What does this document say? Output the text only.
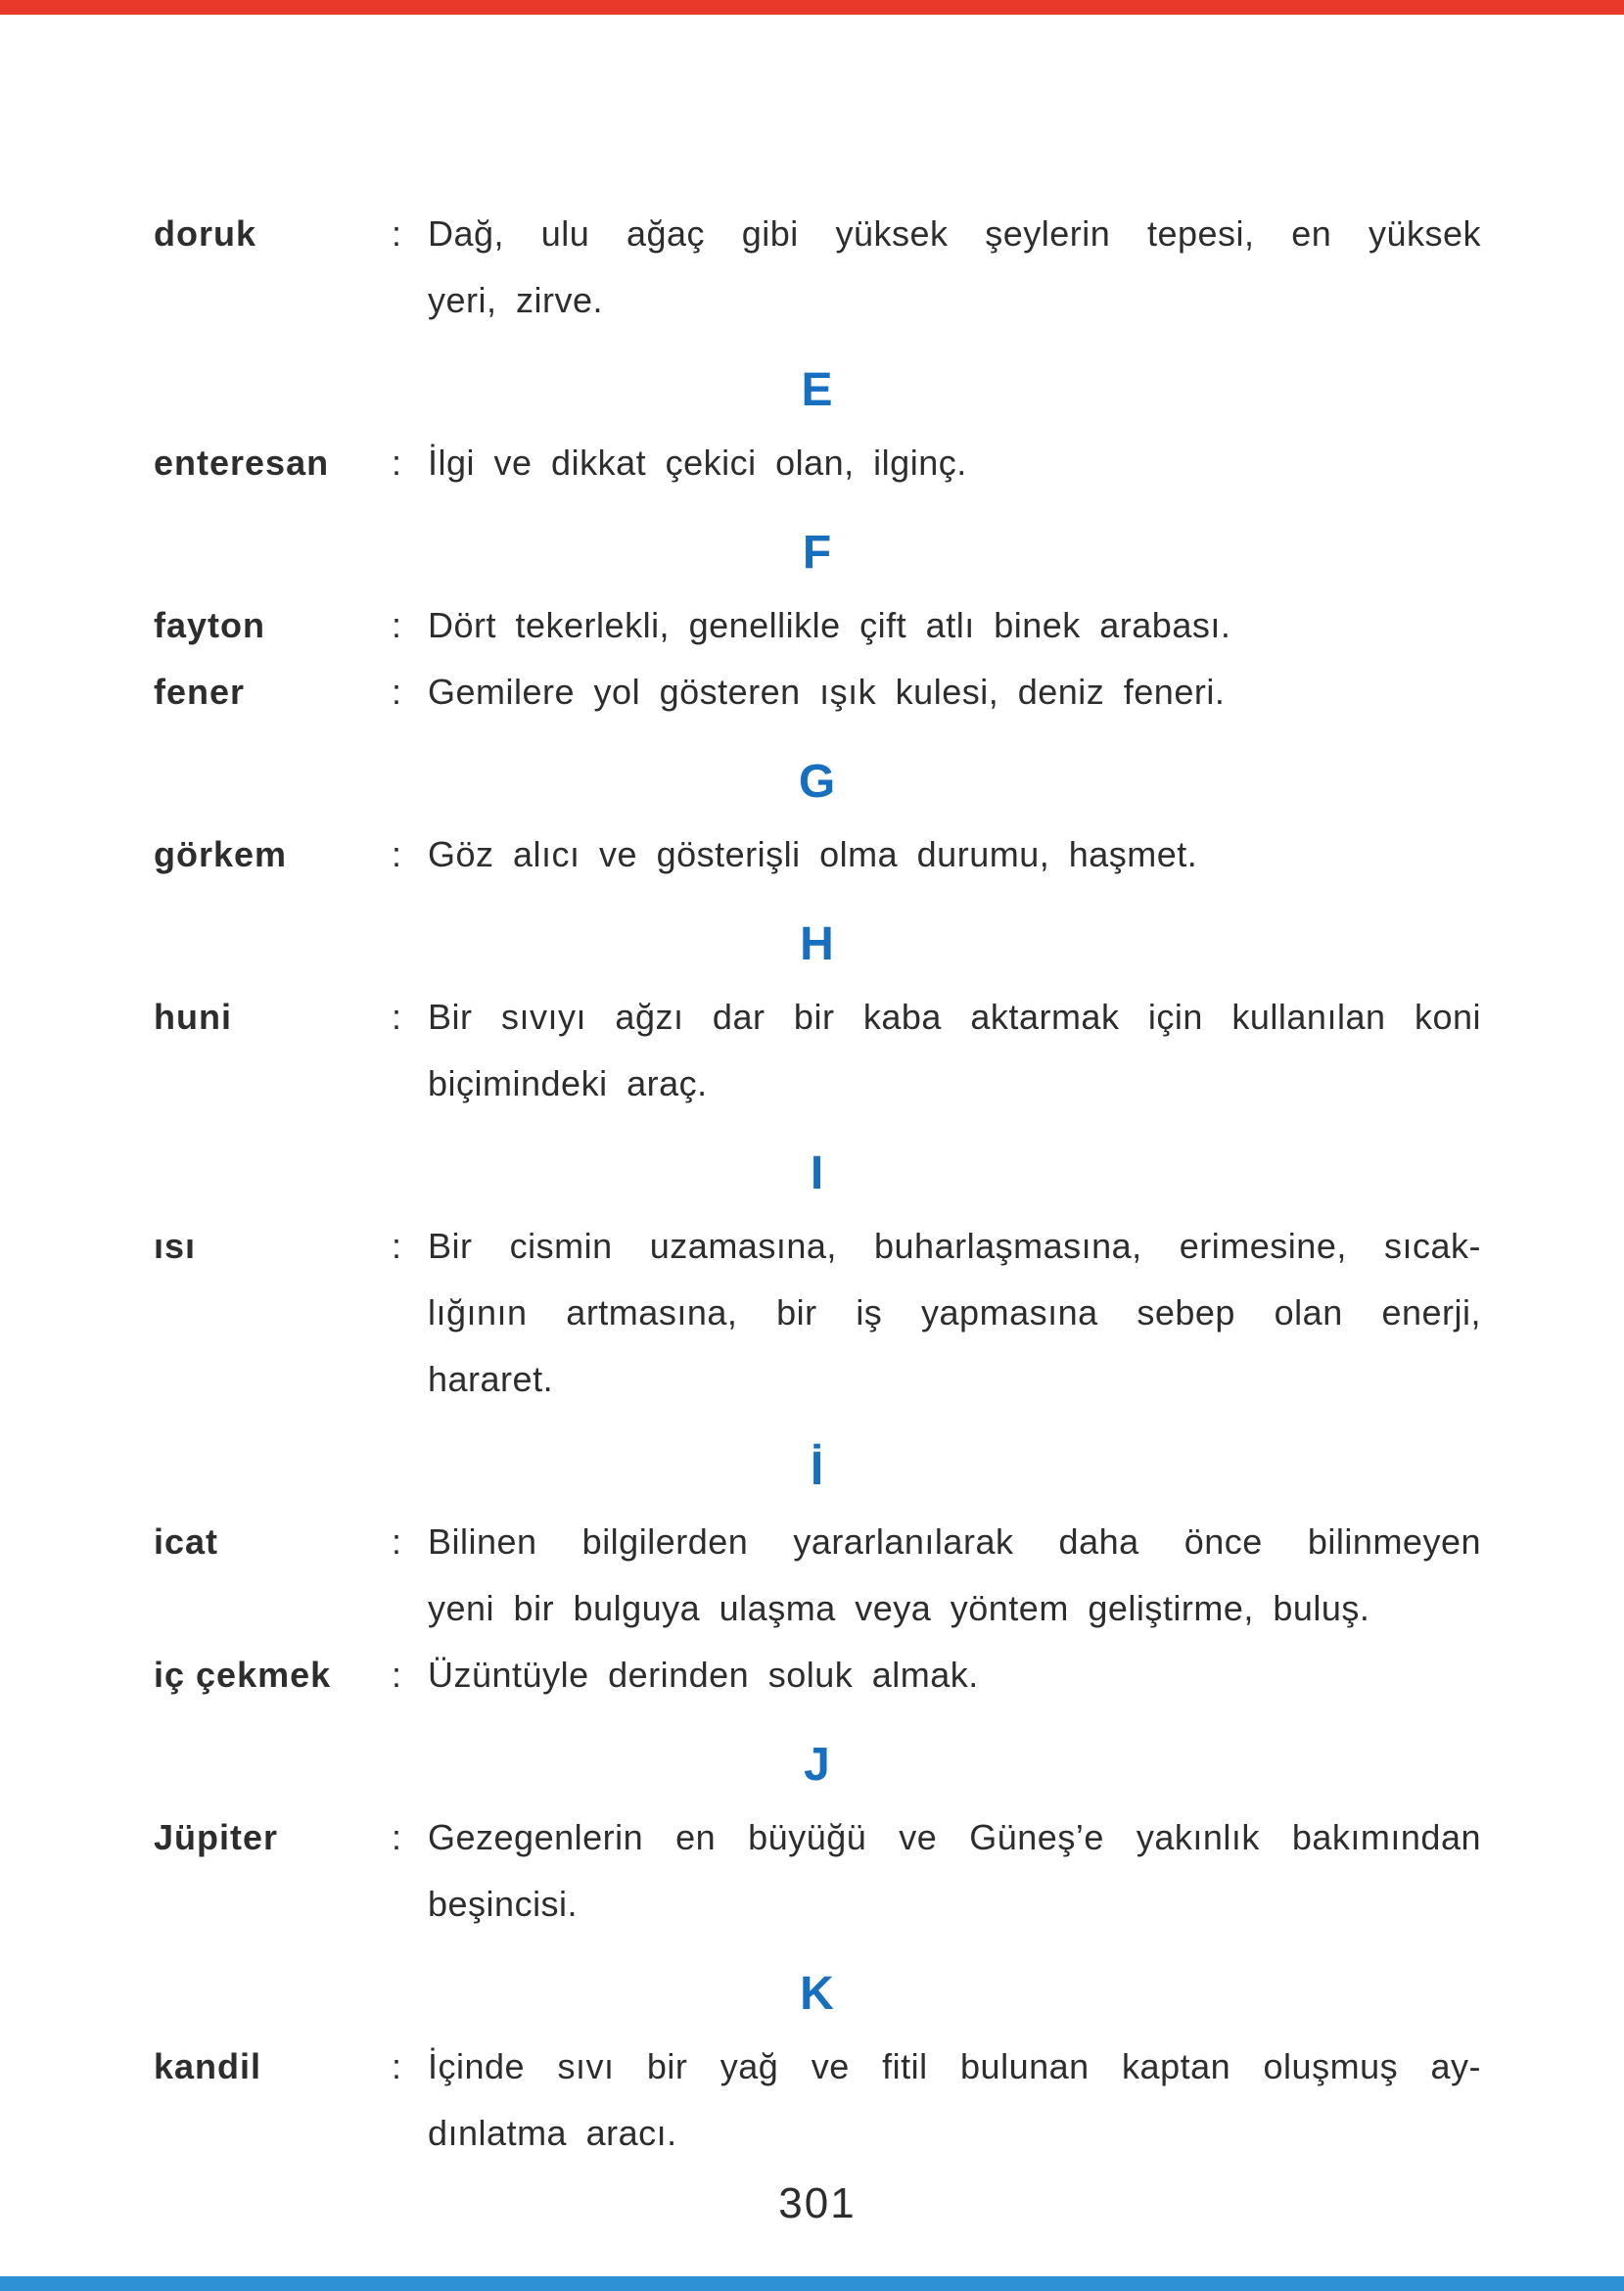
doruk	: Dağ, ulu ağaç gibi yüksek şeylerin tepesi, en yüksek
yeri, zirve.
E
enteresan	: İlgi ve dikkat çekici olan, ilginç.
F
fayton	: Dört tekerlekli, genellikle çift atlı binek arabası.
fener	: Gemilere yol gösteren ışık kulesi, deniz feneri.
G
görkem	: Göz alıcı ve gösterişli olma durumu, haşmet.
H
huni	: Bir sıvıyı ağzı dar bir kaba aktarmak için kullanılan koni
biçimindeki araç.
I
ısı	: Bir cismin uzamasına, buharlaşmasına, erimesine, sıcak-
lığının artmasına, bir iş yapmasına sebep olan enerji,
hararet.
İ
icat	: Bilinen bilgilerden yararlanılarak daha önce bilinmeyen
yeni bir bulguya ulaşma veya yöntem geliştirme, buluş.
iç çekmek	: Üzüntüyle derinden soluk almak.
J
Jüpiter	: Gezegenlerin en büyüğü ve Güneş’e yakınlık bakımından
beşincisi.
K
kandil	: İçinde sıvı bir yağ ve fitil bulunan kaptan oluşmuş ay-
dınlatma aracı.
301
